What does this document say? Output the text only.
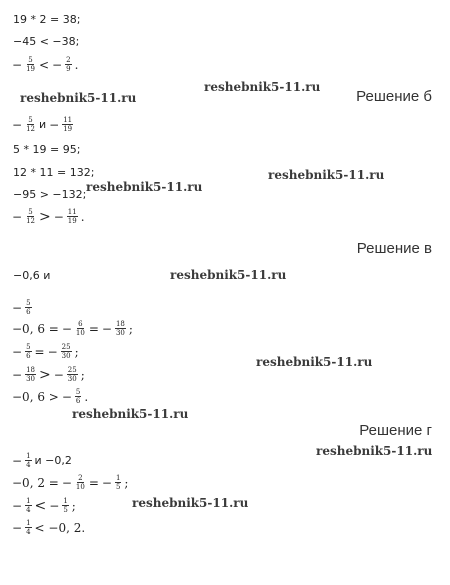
19 * 2 = 38;
−45 < −38;
− $\frac{5}{19}$ < − $\frac{2}{9}$ .
reshebnik5-11.ru
reshebnik5-11.ru
Решение б
− $\frac{5}{12}$ $и - \frac{11}{19}$
5 * 19 = 95;
12 * 11 = 132;
−95 > −132;
− $\frac{5}{12}$ > − $\frac{11}{19}$ .
reshebnik5-11.ru
reshebnik5-11.ru
Решение в
−0,6 и	reshebnik5-11.ru
− $\frac{5}{6}$
−0, 6 = − $\frac{6}{10}$ = − $\frac{18}{30}$ ;
− $\frac{5}{6}$ = − $\frac{25}{30}$ ;
− $\frac{18}{30}$ > − $\frac{25}{30}$ ;
−0, 6 > − $\frac{5}{6}$ .
reshebnik5-11.ru
reshebnik5-11.ru
Решение г
reshebnik5-11.ru
− $\frac{1}{4}$ и −0,2
−0, 2 = − $\frac{2}{10}$ = − $\frac{1}{5}$ ;
− $\frac{1}{4}$ < − $\frac{1}{5}$ ;
− $\frac{1}{4} < -0$, 2.
reshebnik5-11.ru
